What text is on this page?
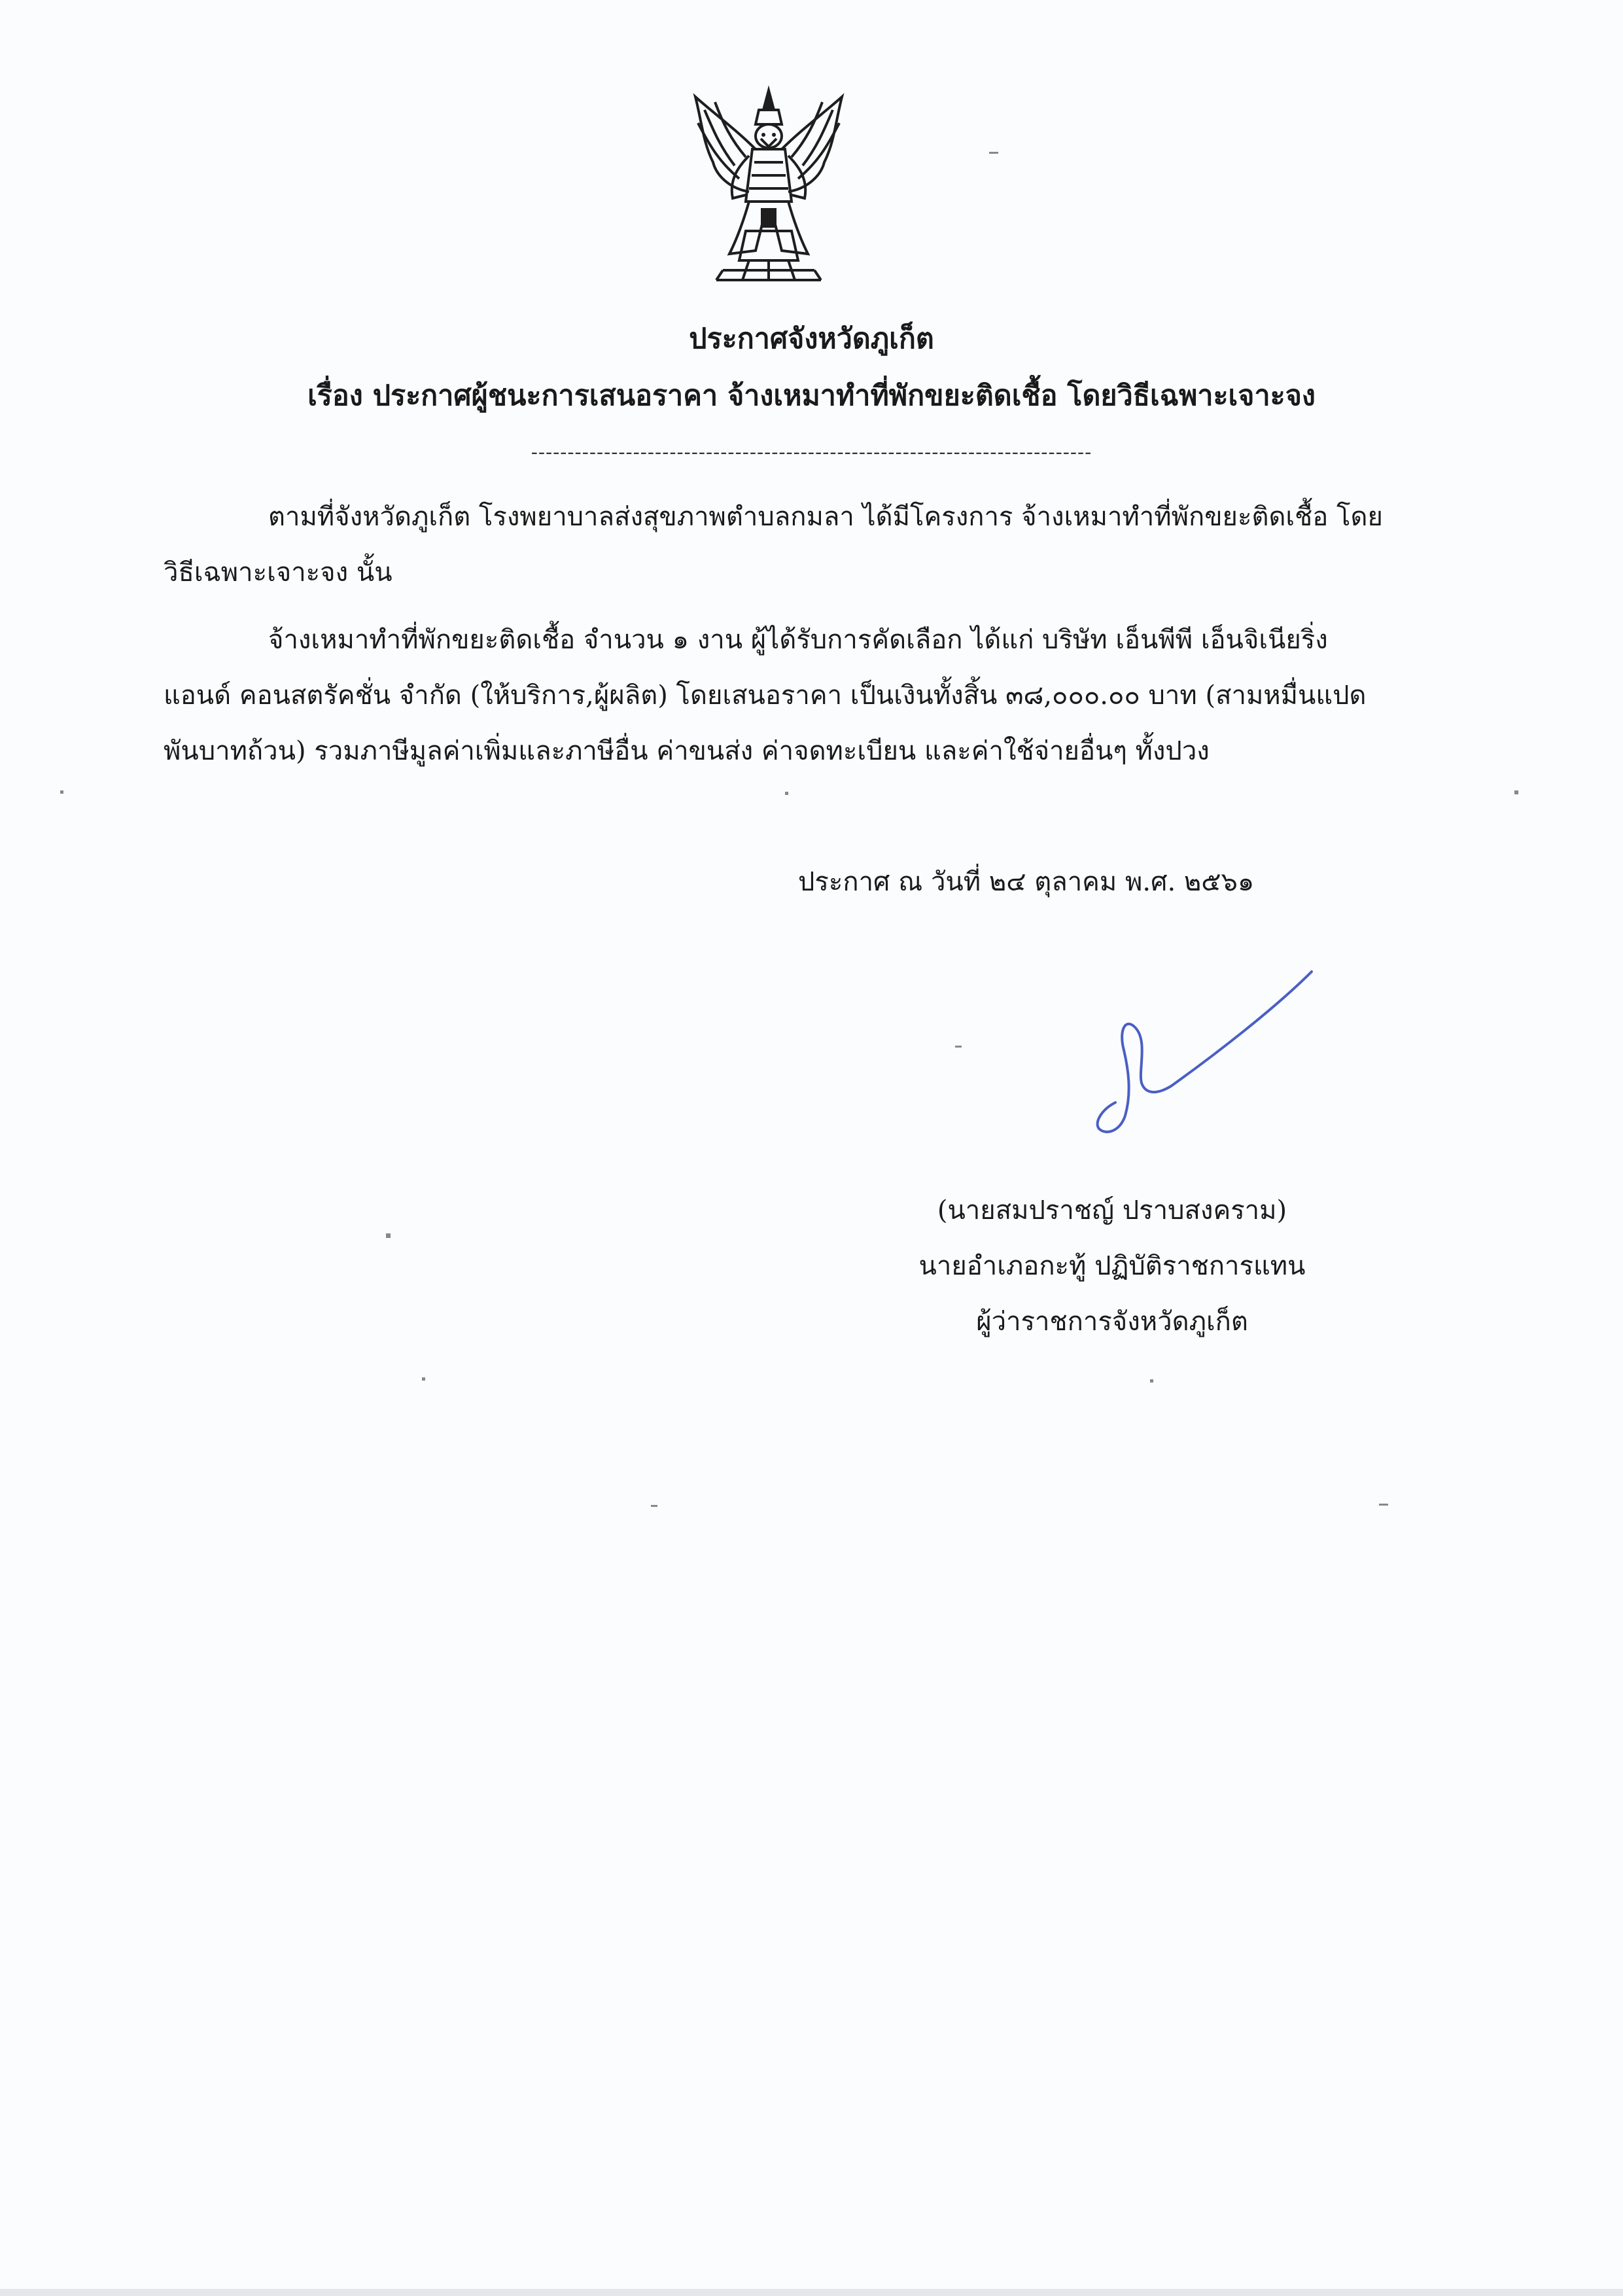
ประกาศจังหวัดภูเก็ต
เรื่อง ประกาศผู้ชนะการเสนอราคา จ้างเหมาทำที่พักขยะติดเชื้อ โดยวิธีเฉพาะเจาะจง
-----------------------------------------------------------------------------
ตามที่จังหวัดภูเก็ต โรงพยาบาลส่งสุขภาพตำบลกมลา ได้มีโครงการ จ้างเหมาทำที่พักขยะติดเชื้อ โดย
วิธีเฉพาะเจาะจง นั้น
จ้างเหมาทำที่พักขยะติดเชื้อ จำนวน ๑ งาน ผู้ได้รับการคัดเลือก ได้แก่ บริษัท เอ็นพีพี เอ็นจิเนียริ่ง
แอนด์ คอนสตรัคชั่น จำกัด (ให้บริการ,ผู้ผลิต) โดยเสนอราคา เป็นเงินทั้งสิ้น ๓๘,๐๐๐.๐๐ บาท (สามหมื่นแปด
พันบาทถ้วน) รวมภาษีมูลค่าเพิ่มและภาษีอื่น ค่าขนส่ง ค่าจดทะเบียน และค่าใช้จ่ายอื่นๆ ทั้งปวง
ประกาศ ณ วันที่ ๒๔ ตุลาคม พ.ศ. ๒๕๖๑
(นายสมปราชญ์ ปราบสงคราม)
นายอำเภอกะทู้ ปฏิบัติราชการแทน
ผู้ว่าราชการจังหวัดภูเก็ต
